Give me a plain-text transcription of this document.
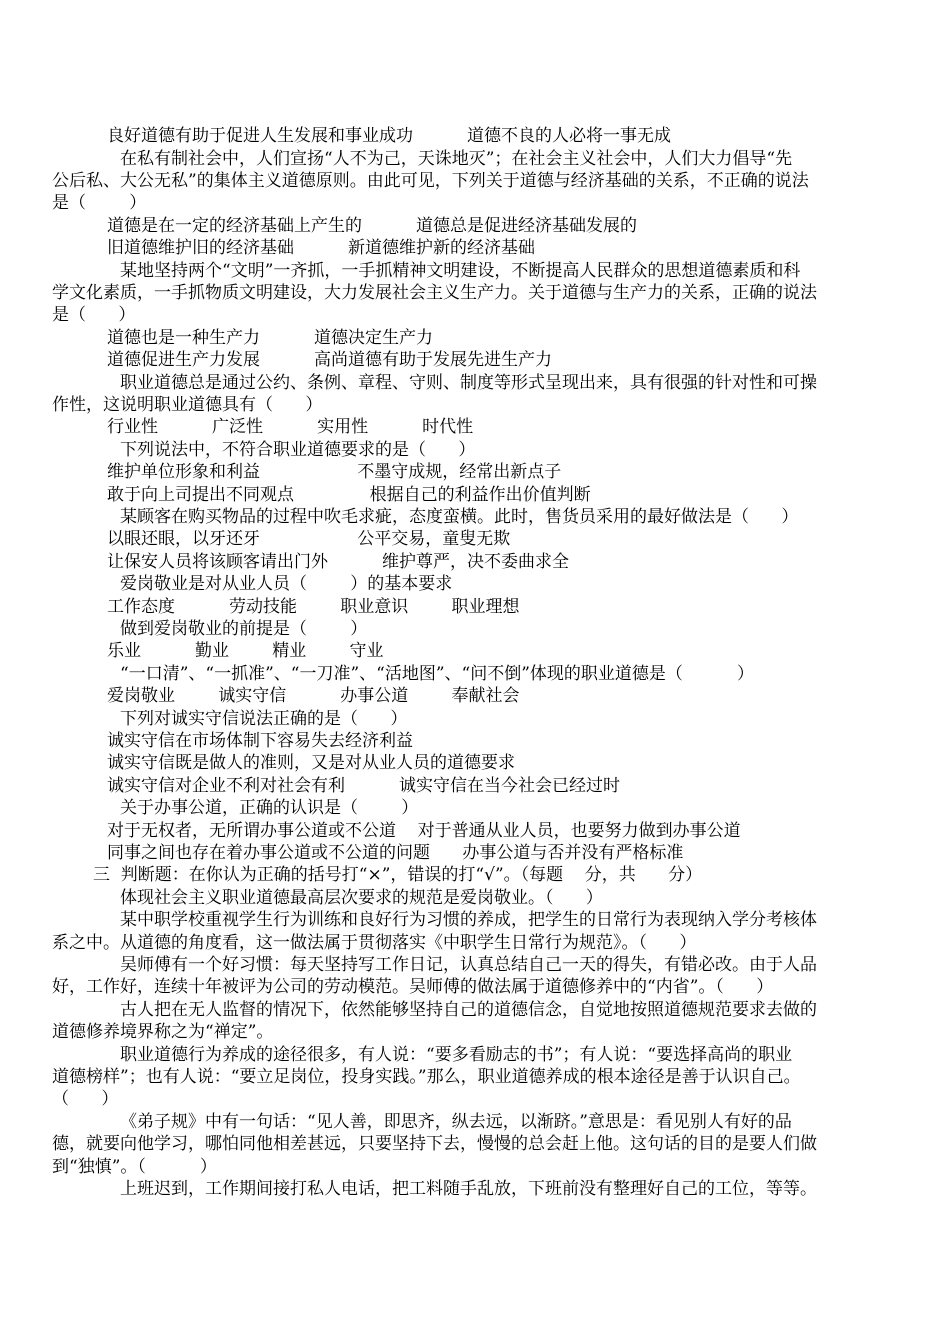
良好道德有助于促进人生发展和事业成功          道德不良的人必将一事无成
在私有制社会中，人们宣扬“人不为己，天诛地灭”；在社会主义社会中，人们大力倡导“先
公后私、大公无私”的集体主义道德原则。由此可见，下列关于道德与经济基础的关系，不正确的说法
是（        ）
道德是在一定的经济基础上产生的          道德总是促进经济基础发展的
旧道德维护旧的经济基础          新道德维护新的经济基础
某地坚持两个“文明”一齐抓，一手抓精神文明建设，不断提高人民群众的思想道德素质和科
学文化素质，一手抓物质文明建设，大力发展社会主义生产力。关于道德与生产力的关系，正确的说法
是（      ）
道德也是一种生产力          道德决定生产力
道德促进生产力发展          高尚道德有助于发展先进生产力
职业道德总是通过公约、条例、章程、守则、制度等形式呈现出来，具有很强的针对性和可操
作性，这说明职业道德具有（      ）
行业性          广泛性          实用性          时代性
下列说法中，不符合职业道德要求的是（      ）
维护单位形象和利益                  不墨守成规，经常出新点子
敢于向上司提出不同观点              根据自己的利益作出价值判断
某顾客在购买物品的过程中吹毛求疵，态度蛮横。此时，售货员采用的最好做法是（      ）
以眼还眼，以牙还牙                  公平交易，童叟无欺
让保安人员将该顾客请出门外          维护尊严，决不委曲求全
爱岗敬业是对从业人员（        ）的基本要求
工作态度          劳动技能        职业意识        职业理想
做到爱岗敬业的前提是（        ）
乐业          勤业        精业        守业
“一口清”、“一抓准”、“一刀准”、“活地图”、“问不倒”体现的职业道德是（          ）
爱岗敬业        诚实守信          办事公道        奉献社会
下列对诚实守信说法正确的是（      ）
诚实守信在市场体制下容易失去经济利益
诚实守信既是做人的准则，又是对从业人员的道德要求
诚实守信对企业不利对社会有利          诚实守信在当今社会已经过时
关于办事公道，正确的认识是（        ）
对于无权者，无所谓办事公道或不公道    对于普通从业人员，也要努力做到办事公道
同事之间也存在着办事公道或不公道的问题      办事公道与否并没有严格标准
三  判断题：在你认为正确的括号打“×”，错误的打“√”。（每题    分，共      分）
体现社会主义职业道德最高层次要求的规范是爱岗敬业。（      ）
某中职学校重视学生行为训练和良好行为习惯的养成，把学生的日常行为表现纳入学分考核体
系之中。从道德的角度看，这一做法属于贯彻落实《中职学生日常行为规范》。（      ）
吴师傅有一个好习惯：每天坚持写工作日记，认真总结自己一天的得失，有错必改。由于人品
好，工作好，连续十年被评为公司的劳动模范。吴师傅的做法属于道德修养中的“内省”。（      ）
古人把在无人监督的情况下，依然能够坚持自己的道德信念，自觉地按照道德规范要求去做的
道德修养境界称之为“禅定”。
职业道德行为养成的途径很多，有人说：“要多看励志的书”；有人说：“要选择高尚的职业
道德榜样”；也有人说：“要立足岗位，投身实践。”那么，职业道德养成的根本途径是善于认识自己。
（      ）
《弟子规》中有一句话：“见人善，即思齐，纵去远，以渐跻。”意思是：看见别人有好的品
德，就要向他学习，哪怕同他相差甚远，只要坚持下去，慢慢的总会赶上他。这句话的目的是要人们做
到“独慎”。（          ）
上班迟到，工作期间接打私人电话，把工料随手乱放，下班前没有整理好自己的工位，等等。
